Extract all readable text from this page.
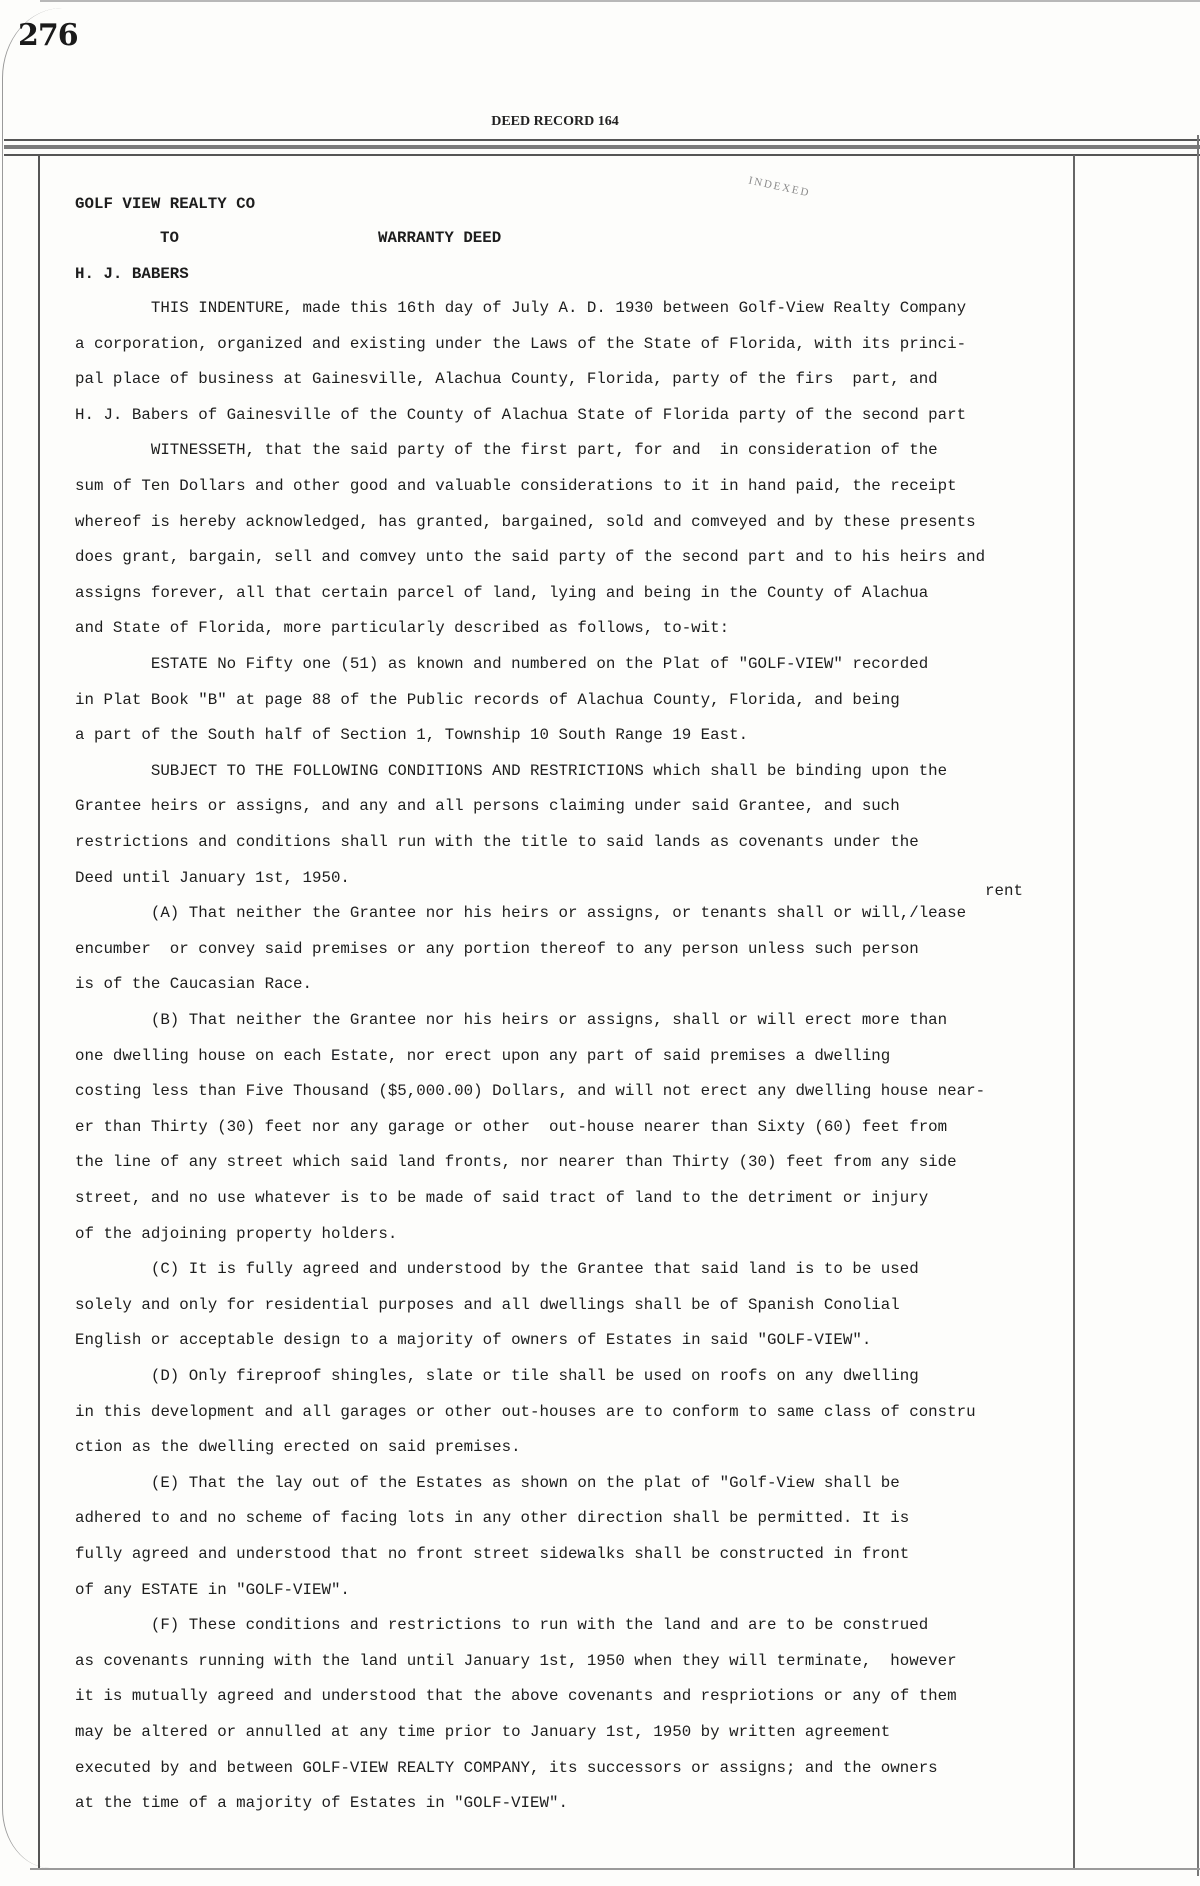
276
DEED RECORD 164
INDEXED
GOLF VIEW REALTY CO
TO	WARRANTY DEED
H. J. BABERS
rent
THIS INDENTURE, made this 16th day of July A. D. 1930 between Golf-View Realty Company
a corporation, organized and existing under the Laws of the State of Florida, with its princi-
pal place of business at Gainesville, Alachua County, Florida, party of the firs  part, and
H. J. Babers of Gainesville of the County of Alachua State of Florida party of the second part
WITNESSETH, that the said party of the first part, for and  in consideration of the
sum of Ten Dollars and other good and valuable considerations to it in hand paid, the receipt
whereof is hereby acknowledged, has granted, bargained, sold and comveyed and by these presents
does grant, bargain, sell and comvey unto the said party of the second part and to his heirs and
assigns forever, all that certain parcel of land, lying and being in the County of Alachua
and State of Florida, more particularly described as follows, to-wit:
ESTATE No Fifty one (51) as known and numbered on the Plat of "GOLF-VIEW" recorded
in Plat Book "B" at page 88 of the Public records of Alachua County, Florida, and being
a part of the South half of Section 1, Township 10 South Range 19 East.
SUBJECT TO THE FOLLOWING CONDITIONS AND RESTRICTIONS which shall be binding upon the
Grantee heirs or assigns, and any and all persons claiming under said Grantee, and such
restrictions and conditions shall run with the title to said lands as covenants under the
Deed until January 1st, 1950.
(A) That neither the Grantee nor his heirs or assigns, or tenants shall or will,/lease
encumber  or convey said premises or any portion thereof to any person unless such person
is of the Caucasian Race.
(B) That neither the Grantee nor his heirs or assigns, shall or will erect more than
one dwelling house on each Estate, nor erect upon any part of said premises a dwelling
costing less than Five Thousand ($5,000.00) Dollars, and will not erect any dwelling house near-
er than Thirty (30) feet nor any garage or other  out-house nearer than Sixty (60) feet from
the line of any street which said land fronts, nor nearer than Thirty (30) feet from any side
street, and no use whatever is to be made of said tract of land to the detriment or injury
of the adjoining property holders.
(C) It is fully agreed and understood by the Grantee that said land is to be used
solely and only for residential purposes and all dwellings shall be of Spanish Conolial
English or acceptable design to a majority of owners of Estates in said "GOLF-VIEW".
(D) Only fireproof shingles, slate or tile shall be used on roofs on any dwelling
in this development and all garages or other out-houses are to conform to same class of constru
ction as the dwelling erected on said premises.
(E) That the lay out of the Estates as shown on the plat of "Golf-View shall be
adhered to and no scheme of facing lots in any other direction shall be permitted. It is
fully agreed and understood that no front street sidewalks shall be constructed in front
of any ESTATE in "GOLF-VIEW".
(F) These conditions and restrictions to run with the land and are to be construed
as covenants running with the land until January 1st, 1950 when they will terminate,  however
it is mutually agreed and understood that the above covenants and respriotions or any of them
may be altered or annulled at any time prior to January 1st, 1950 by written agreement
executed by and between GOLF-VIEW REALTY COMPANY, its successors or assigns; and the owners
at the time of a majority of Estates in "GOLF-VIEW".
